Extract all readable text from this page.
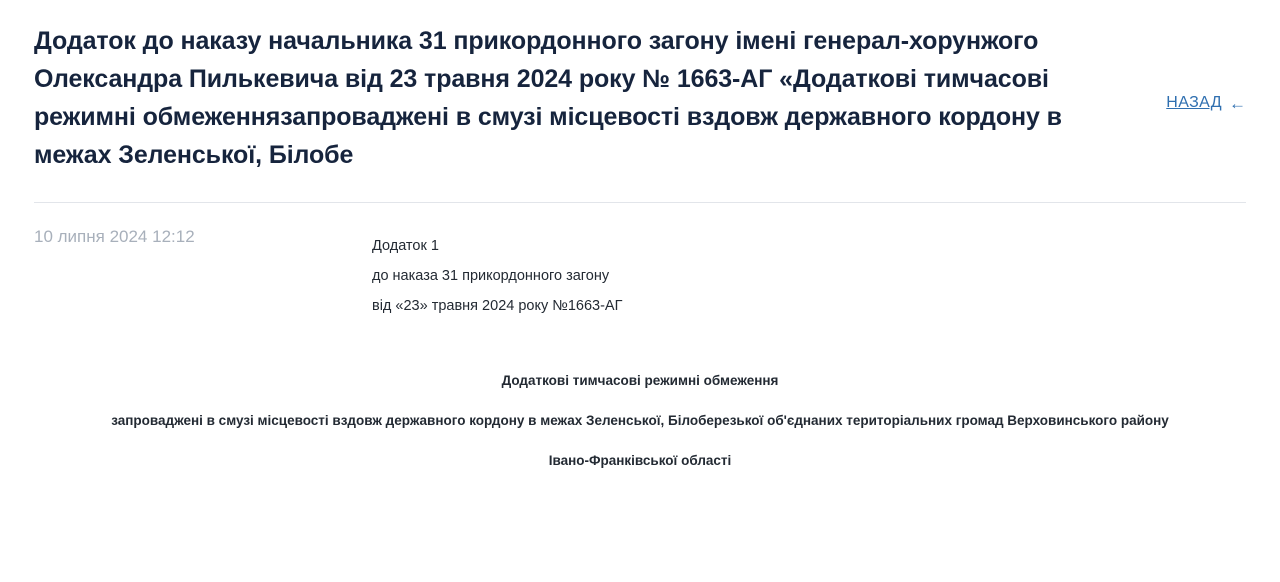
Додаток до наказу начальника 31 прикордонного загону імені генерал-хорунжого Олександра Пилькевича від 23 травня 2024 року № 1663-АГ «Додаткові тимчасові режимні обмеженнязапроваджені в смузі місцевості вздовж державного кордону в межах Зеленської, Білобе
НАЗАД ←
10 липня 2024 12:12	Додаток 1
до наказа 31 прикордонного загону
від «23» травня 2024 року №1663-АГ
Додаткові тимчасові режимні обмеження
запроваджені в смузі місцевості вздовж державного кордону в межах Зеленської, Білоберезької об'єднаних територіальних громад Верховинського району
Івано-Франківської області
